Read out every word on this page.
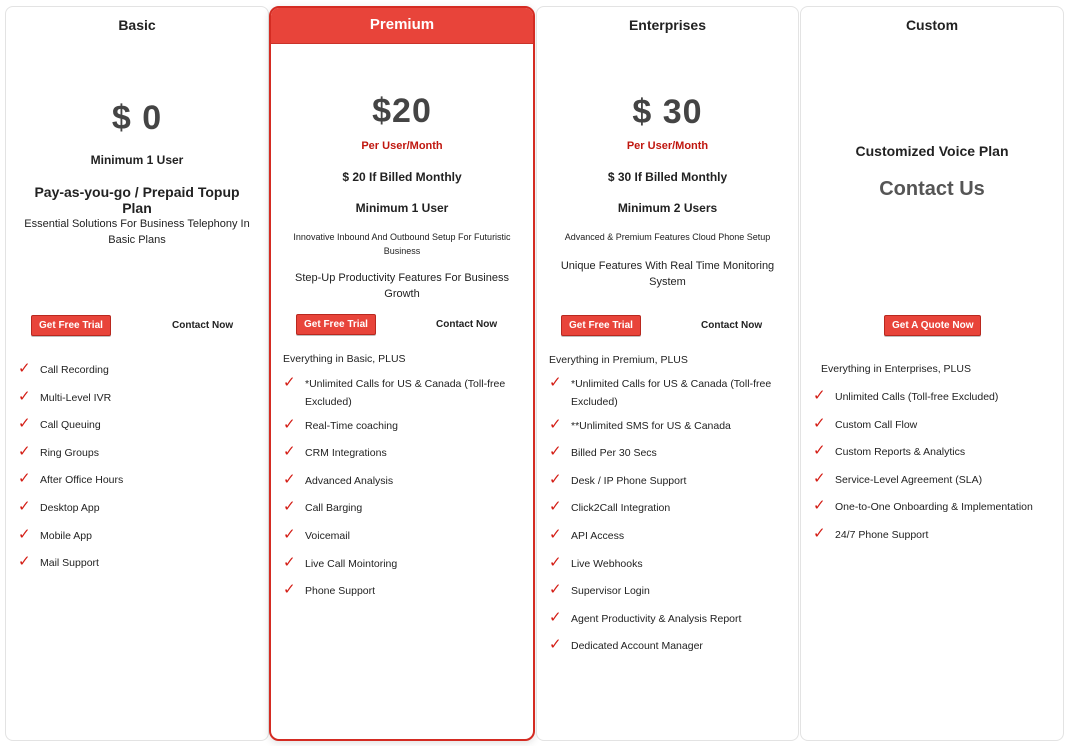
Basic
$ 0
Minimum 1 User
Pay-as-you-go / Prepaid Topup Plan
Essential Solutions For Business Telephony In Basic Plans
Get Free Trial	Contact Now
✓ Call Recording
✓ Multi-Level IVR
✓ Call Queuing
✓ Ring Groups
✓ After Office Hours
✓ Desktop App
✓ Mobile App
✓ Mail Support
Premium
$20
Per User/Month
$ 20 If Billed Monthly
Minimum 1 User
Innovative Inbound And Outbound Setup For Futuristic Business
Step-Up Productivity Features For Business Growth
Get Free Trial	Contact Now
Everything in Basic, PLUS
✓ *Unlimited Calls for US & Canada (Toll-free Excluded)
✓ Real-Time coaching
✓ CRM Integrations
✓ Advanced Analysis
✓ Call Barging
✓ Voicemail
✓ Live Call Mointoring
✓ Phone Support
Enterprises
$ 30
Per User/Month
$ 30 If Billed Monthly
Minimum 2 Users
Advanced & Premium Features Cloud Phone Setup
Unique Features With Real Time Monitoring System
Get Free Trial	Contact Now
Everything in Premium, PLUS
✓ *Unlimited Calls for US & Canada (Toll-free Excluded)
✓ **Unlimited SMS for US & Canada
✓ Billed Per 30 Secs
✓ Desk / IP Phone Support
✓ Click2Call Integration
✓ API Access
✓ Live Webhooks
✓ Supervisor Login
✓ Agent Productivity & Analysis Report
✓ Dedicated Account Manager
Custom
Customized Voice Plan
Contact Us
Get A Quote Now
Everything in Enterprises, PLUS
✓ Unlimited Calls (Toll-free Excluded)
✓ Custom Call Flow
✓ Custom Reports & Analytics
✓ Service-Level Agreement (SLA)
✓ One-to-One Onboarding & Implementation
✓ 24/7 Phone Support
